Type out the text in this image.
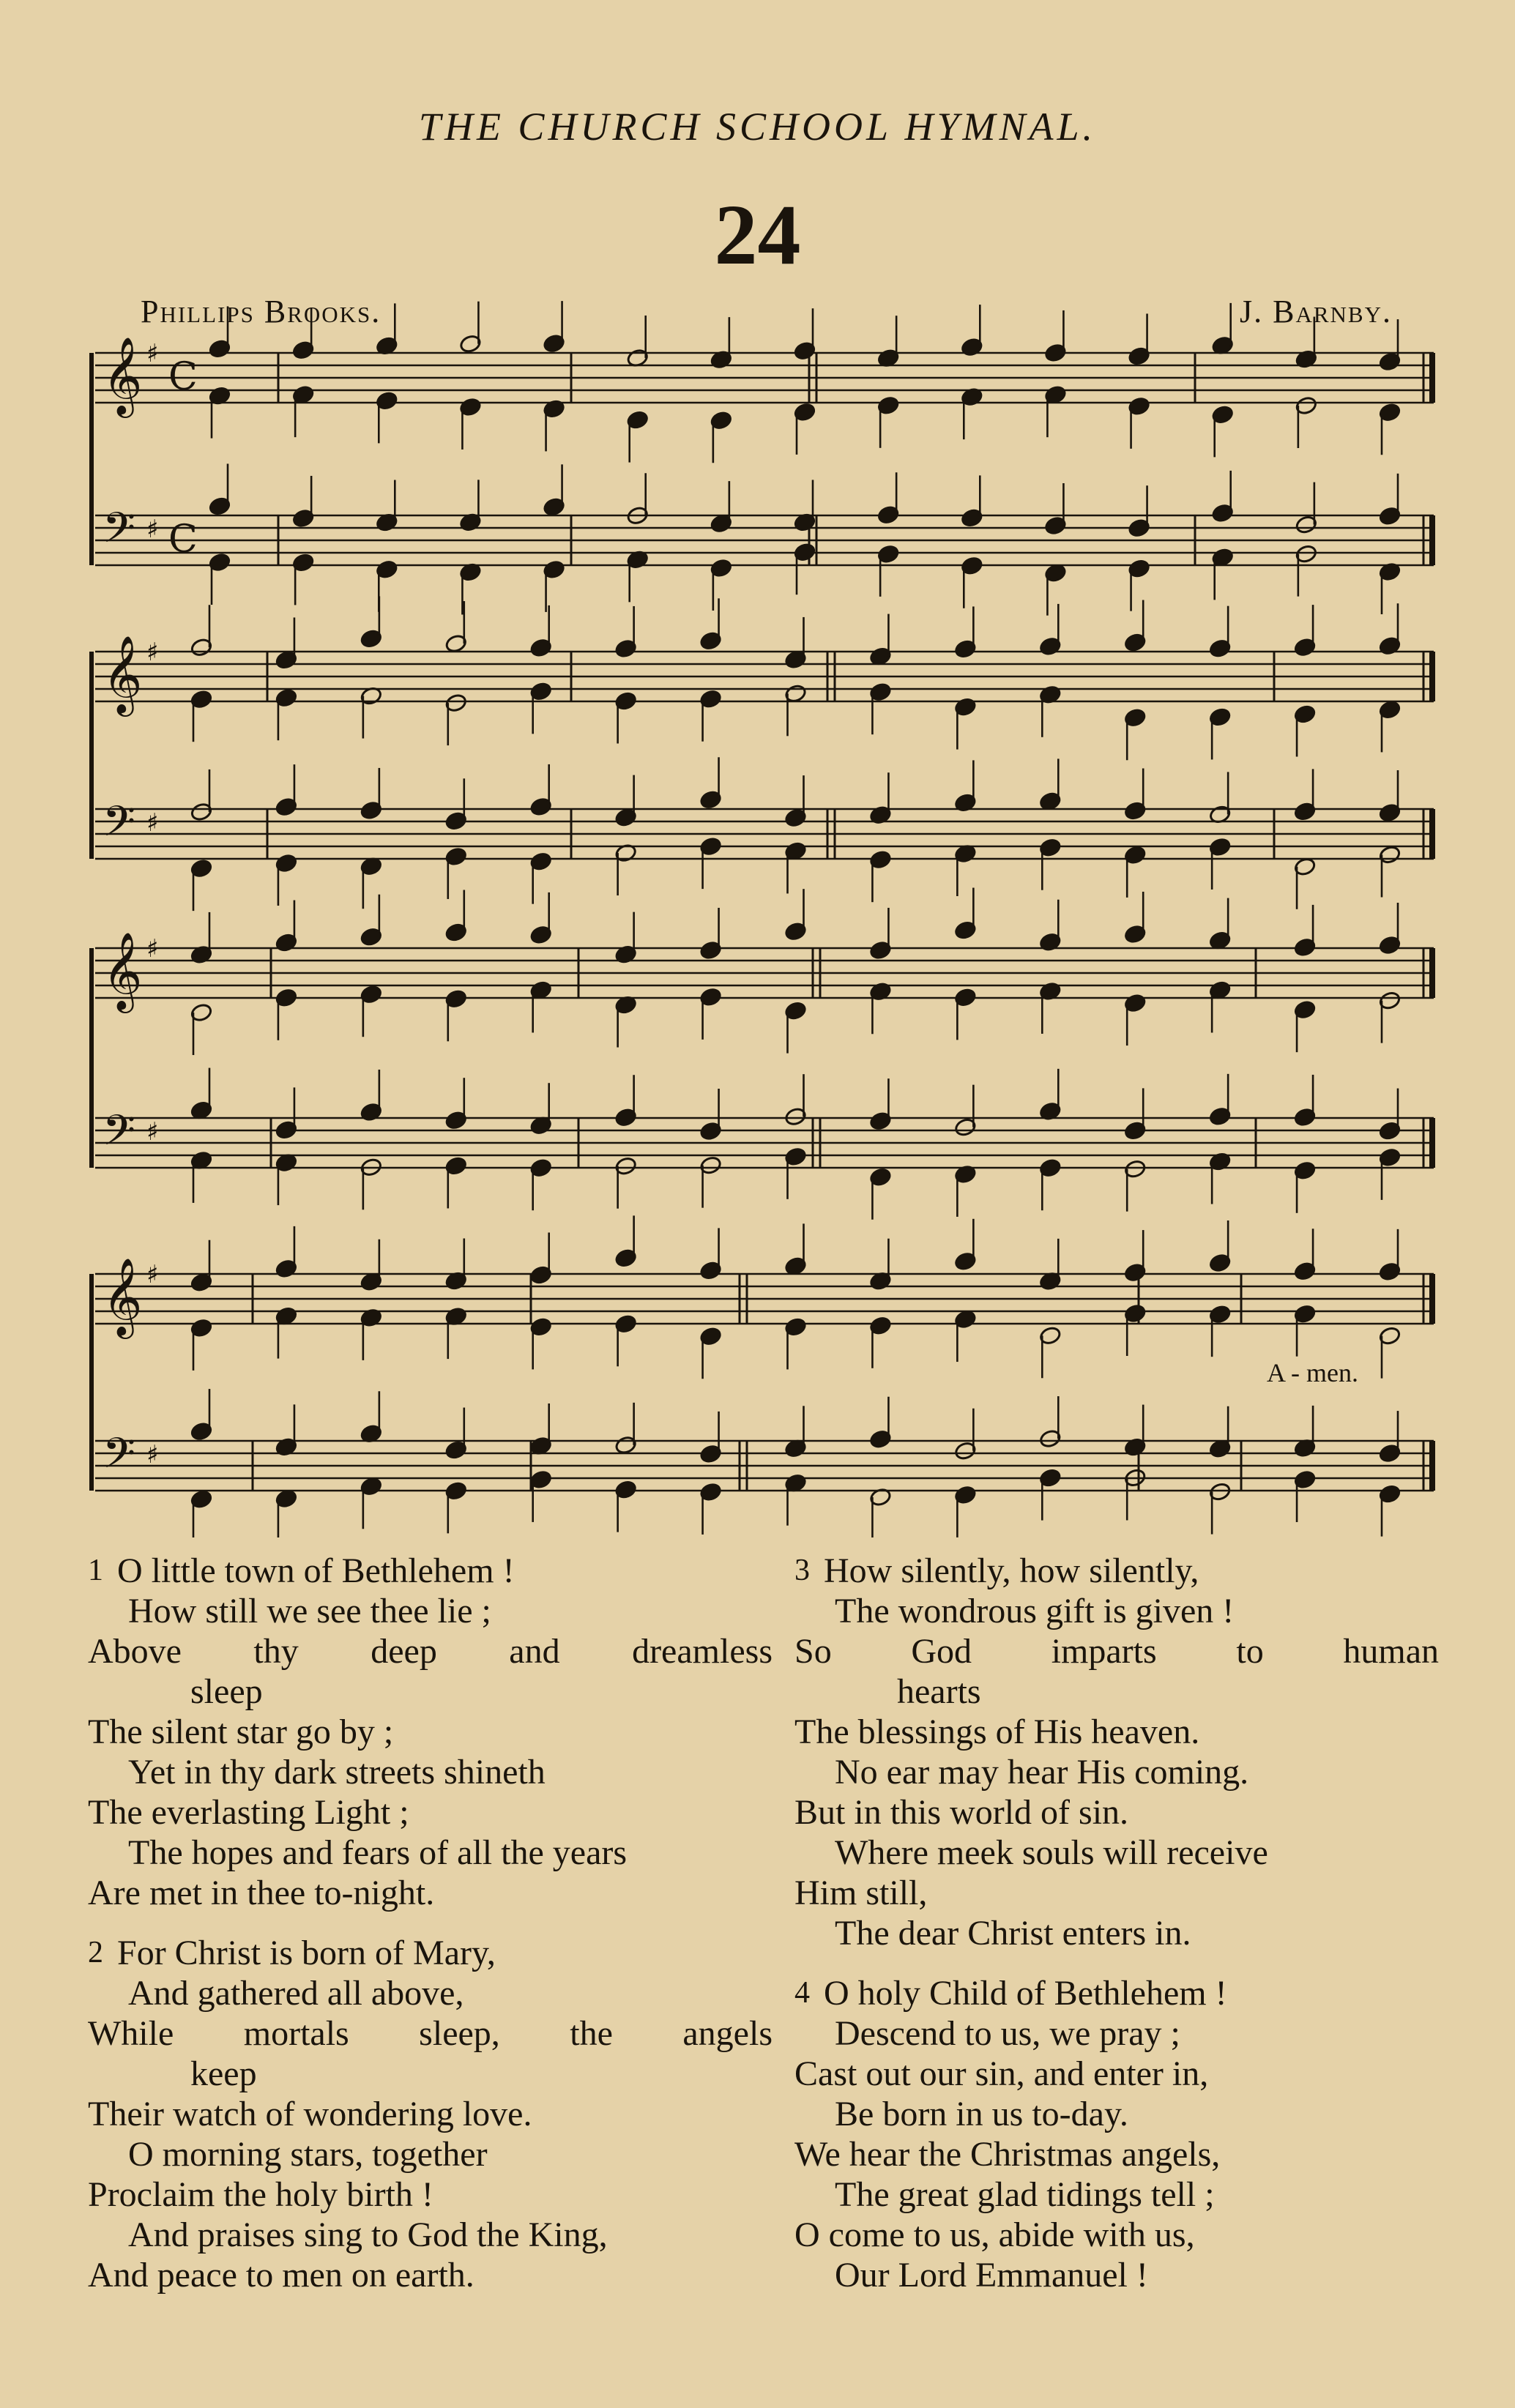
THE CHURCH SCHOOL HYMNAL.
24
Phillips Brooks.	J. Barnby.
𝄞 ♯
C
𝄢 ♯ C
𝄞 ♯
𝄢 ♯
𝄞 ♯
𝄢 ♯
𝄞 ♯
𝄢 ♯
A - men.
1 O little town of Bethlehem !
How still we see thee lie ;
Above thy deep and dreamless
sleep
The silent star go by ;
Yet in thy dark streets shineth
The everlasting Light ;
The hopes and fears of all the years
Are met in thee to-night.
2 For Christ is born of Mary,
And gathered all above,
While mortals sleep, the angels
keep
Their watch of wondering love.
O morning stars, together
Proclaim the holy birth !
And praises sing to God the King,
And peace to men on earth.
3 How silently, how silently,
The wondrous gift is given !
So God imparts to human
hearts
The blessings of His heaven.
No ear may hear His coming.
But in this world of sin.
Where meek souls will receive
Him still,
The dear Christ enters in.
4 O holy Child of Bethlehem !
Descend to us, we pray ;
Cast out our sin, and enter in,
Be born in us to-day.
We hear the Christmas angels,
The great glad tidings tell ;
O come to us, abide with us,
Our Lord Emmanuel !
